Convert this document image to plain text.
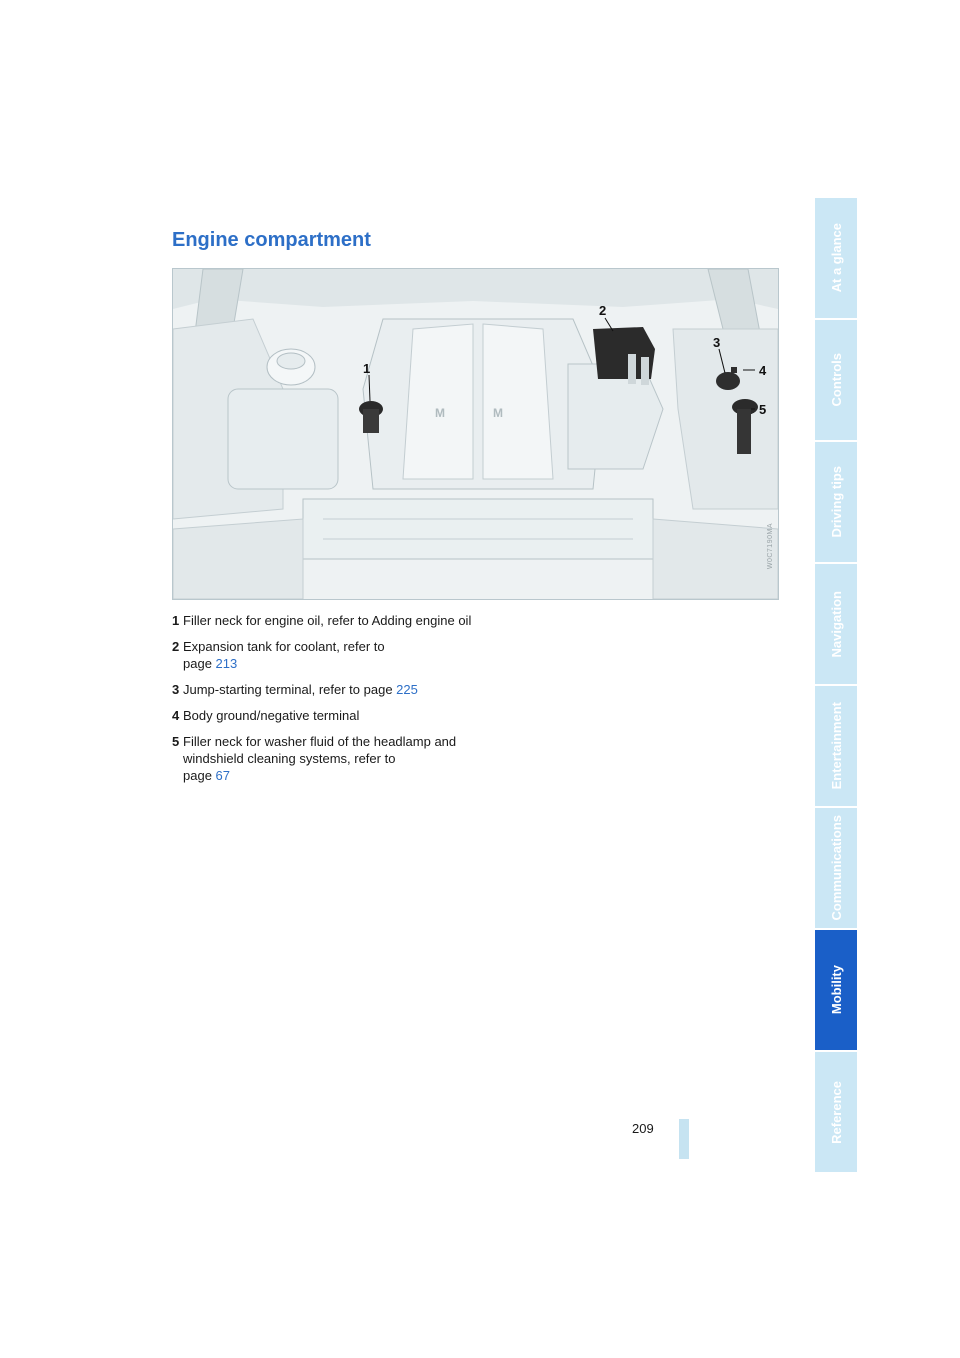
Engine compartment
M	M
1
2
3
4
5
W0C7190MA
1 Filler neck for engine oil, refer to Adding engine oil
2 Expansion tank for coolant, refer to
page 213
3 Jump-starting terminal, refer to page 225
4 Body ground/negative terminal
5 Filler neck for washer fluid of the headlamp and windshield cleaning systems, refer to
page 67
209
At a glance
Controls
Driving tips
Navigation
Entertainment
Communications
Mobility
Reference
